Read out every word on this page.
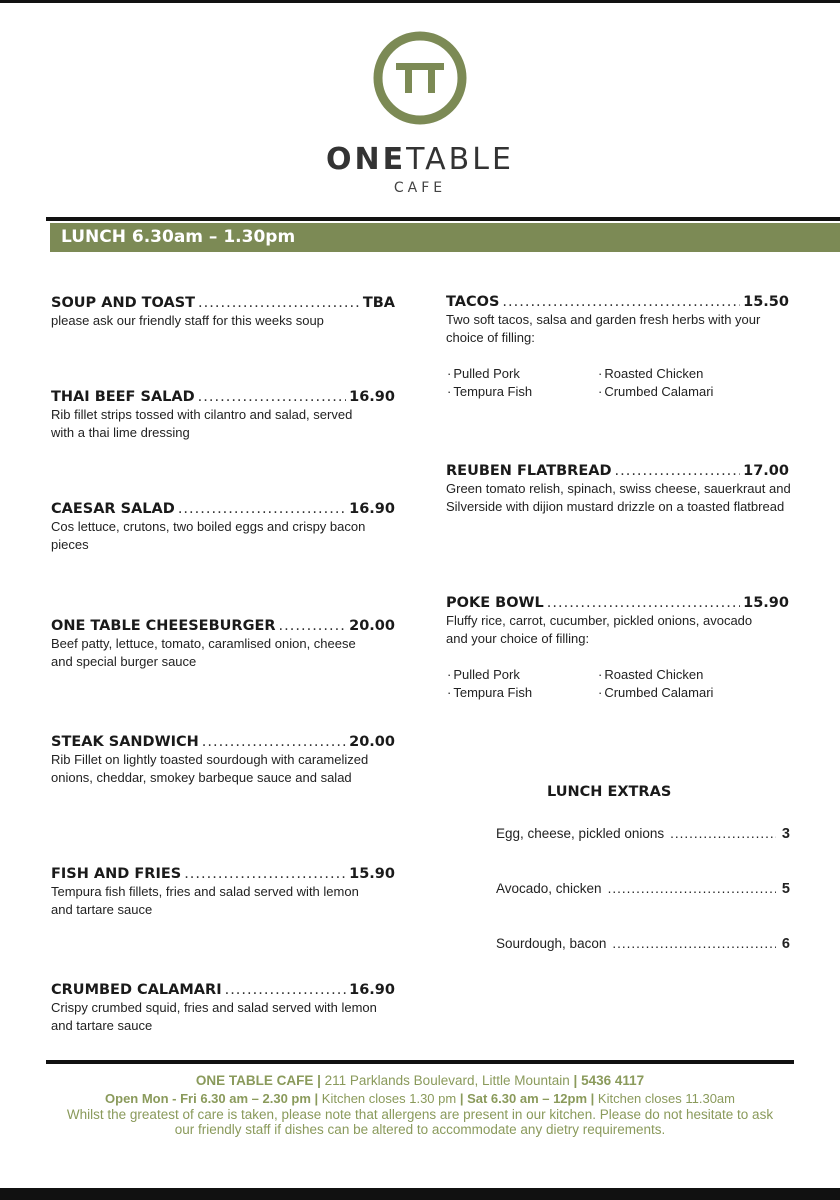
ONETABLE
CAFE
LUNCH 6.30am – 1.30pm
SOUP AND TOAST .....	TBA
please ask our friendly staff for this weeks soup
THAI BEEF SALAD .....	16.90
Rib fillet strips tossed with cilantro and salad, served with a thai lime dressing
CAESAR SALAD .....	16.90
Cos lettuce, crutons, two boiled eggs and crispy bacon pieces
ONE TABLE CHEESEBURGER .....	20.00
Beef patty, lettuce, tomato, caramlised onion, cheese and special burger sauce
STEAK SANDWICH .....	20.00
Rib Fillet on lightly toasted sourdough with caramelized onions, cheddar, smokey barbeque sauce and salad
FISH AND FRIES .....	15.90
Tempura fish fillets, fries and salad served with lemon and tartare sauce
CRUMBED CALAMARI .....	16.90
Crispy crumbed squid, fries and salad served with lemon and tartare sauce
TACOS .....	15.50
Two soft tacos, salsa and garden fresh herbs with your choice of filling:
· Pulled Pork
· Tempura Fish
· Roasted Chicken
· Crumbed Calamari
REUBEN FLATBREAD .....	17.00
Green tomato relish, spinach, swiss cheese, sauerkraut and Silverside with dijion mustard drizzle on a toasted flatbread
POKE BOWL .....	15.90
Fluffy rice, carrot, cucumber, pickled onions, avocado and your choice of filling:
· Pulled Pork
· Tempura Fish
· Roasted Chicken
· Crumbed Calamari
LUNCH EXTRAS
Egg, cheese, pickled onions .....	3
Avocado, chicken .....	5
Sourdough, bacon .....	6
ONE TABLE CAFE | 211 Parklands Boulevard, Little Mountain | 5436 4117
Open Mon - Fri 6.30 am – 2.30 pm | Kitchen closes 1.30 pm | Sat 6.30 am – 12pm | Kitchen closes 11.30am
Whilst the greatest of care is taken, please note that allergens are present in our kitchen. Please do not hesitate to ask our friendly staff if dishes can be altered to accommodate any dietry requirements.
